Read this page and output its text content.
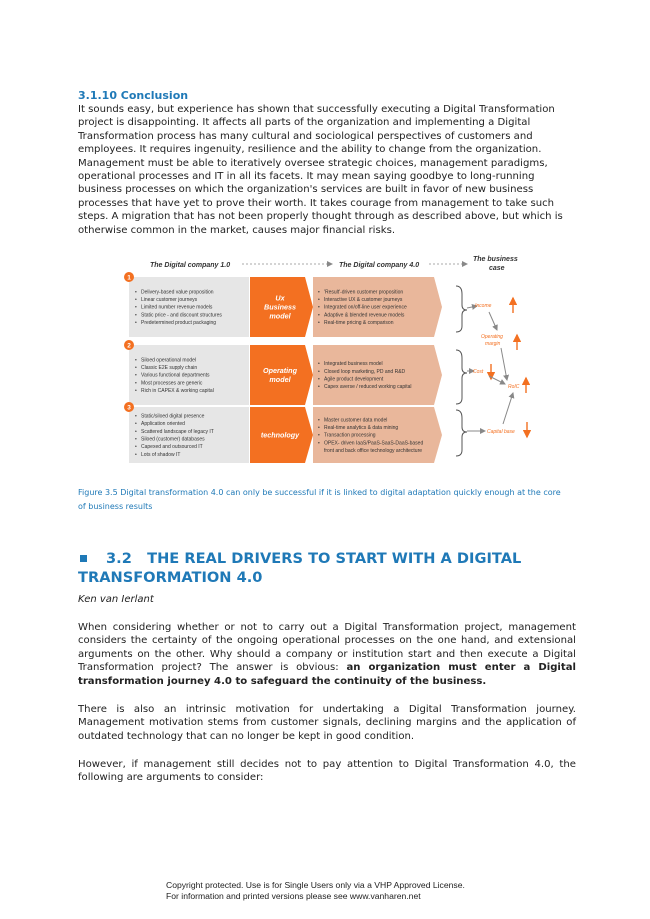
3.1.10 Conclusion
It sounds easy, but experience has shown that successfully executing a Digital Transformation project is disappointing. It affects all parts of the organization and implementing a Digital Transformation process has many cultural and sociological perspectives of customers and employees. It requires ingenuity, resilience and the ability to change from the organization. Management must be able to iteratively oversee strategic choices, management paradigms, operational processes and IT in all its facets. It may mean saying goodbye to long-running business processes on which the organization's services are built in favor of new business processes that have yet to prove their worth. It takes courage from management to take such steps. A migration that has not been properly thought through as described above, but which is otherwise common in the market, causes major financial risks.
The Digital company 1.0	The Digital company 4.0
The business
case
1
• Delivery-based value proposition
• Linear customer journeys
• Limited number revenue models
• Static price - and discount structures
• Predetermined product packaging
Ux
Business
model
• 'Result'-driven customer proposition
• Interactive UX & customer journeys
• Integrated on/off-line user experience
• Adaptive & blended revenue models
• Real-time pricing & comparison
2
• Siloed operational model
• Classic E2E supply chain
• Various functional departments
• Most processes are generic
• Rich in CAPEX & working capital
Operating
model
• Integrated business model
• Closed loop marketing, PD and R&D
• Agile product development
• Capex averse / reduced working capital
3
• Static/siloed digital presence
• Application oriented
• Scattered landscape of legacy IT
• Siloed (customer) databases
• Capexed and outsourced IT
• Lots of shadow IT
technology
• Master customer data model
• Real-time analytics & data mining
• Transaction processing
• OPEX- driven IaaS/PaaS-SaaS-DaaS-based
front and back office technology architecture
Income
Operating
margin
Cost
RoIC
Capital base
Figure 3.5 Digital transformation 4.0 can only be successful if it is linked to digital adaptation quickly enough at the core of business results
3.2 THE REAL DRIVERS TO START WITH A DIGITAL TRANSFORMATION 4.0
Ken van Ierlant
When considering whether or not to carry out a Digital Transformation project, management considers the certainty of the ongoing operational processes on the one hand, and extensional arguments on the other. Why should a company or institution start and then execute a Digital Transformation project? The answer is obvious: an organization must enter a Digital transformation journey 4.0 to safeguard the continuity of the business.
There is also an intrinsic motivation for undertaking a Digital Transformation journey. Management motivation stems from customer signals, declining margins and the application of outdated technology that can no longer be kept in good condition.
However, if management still decides not to pay attention to Digital Transformation 4.0, the following are arguments to consider:
Copyright protected. Use is for Single Users only via a VHP Approved License.
For information and printed versions please see www.vanharen.net
